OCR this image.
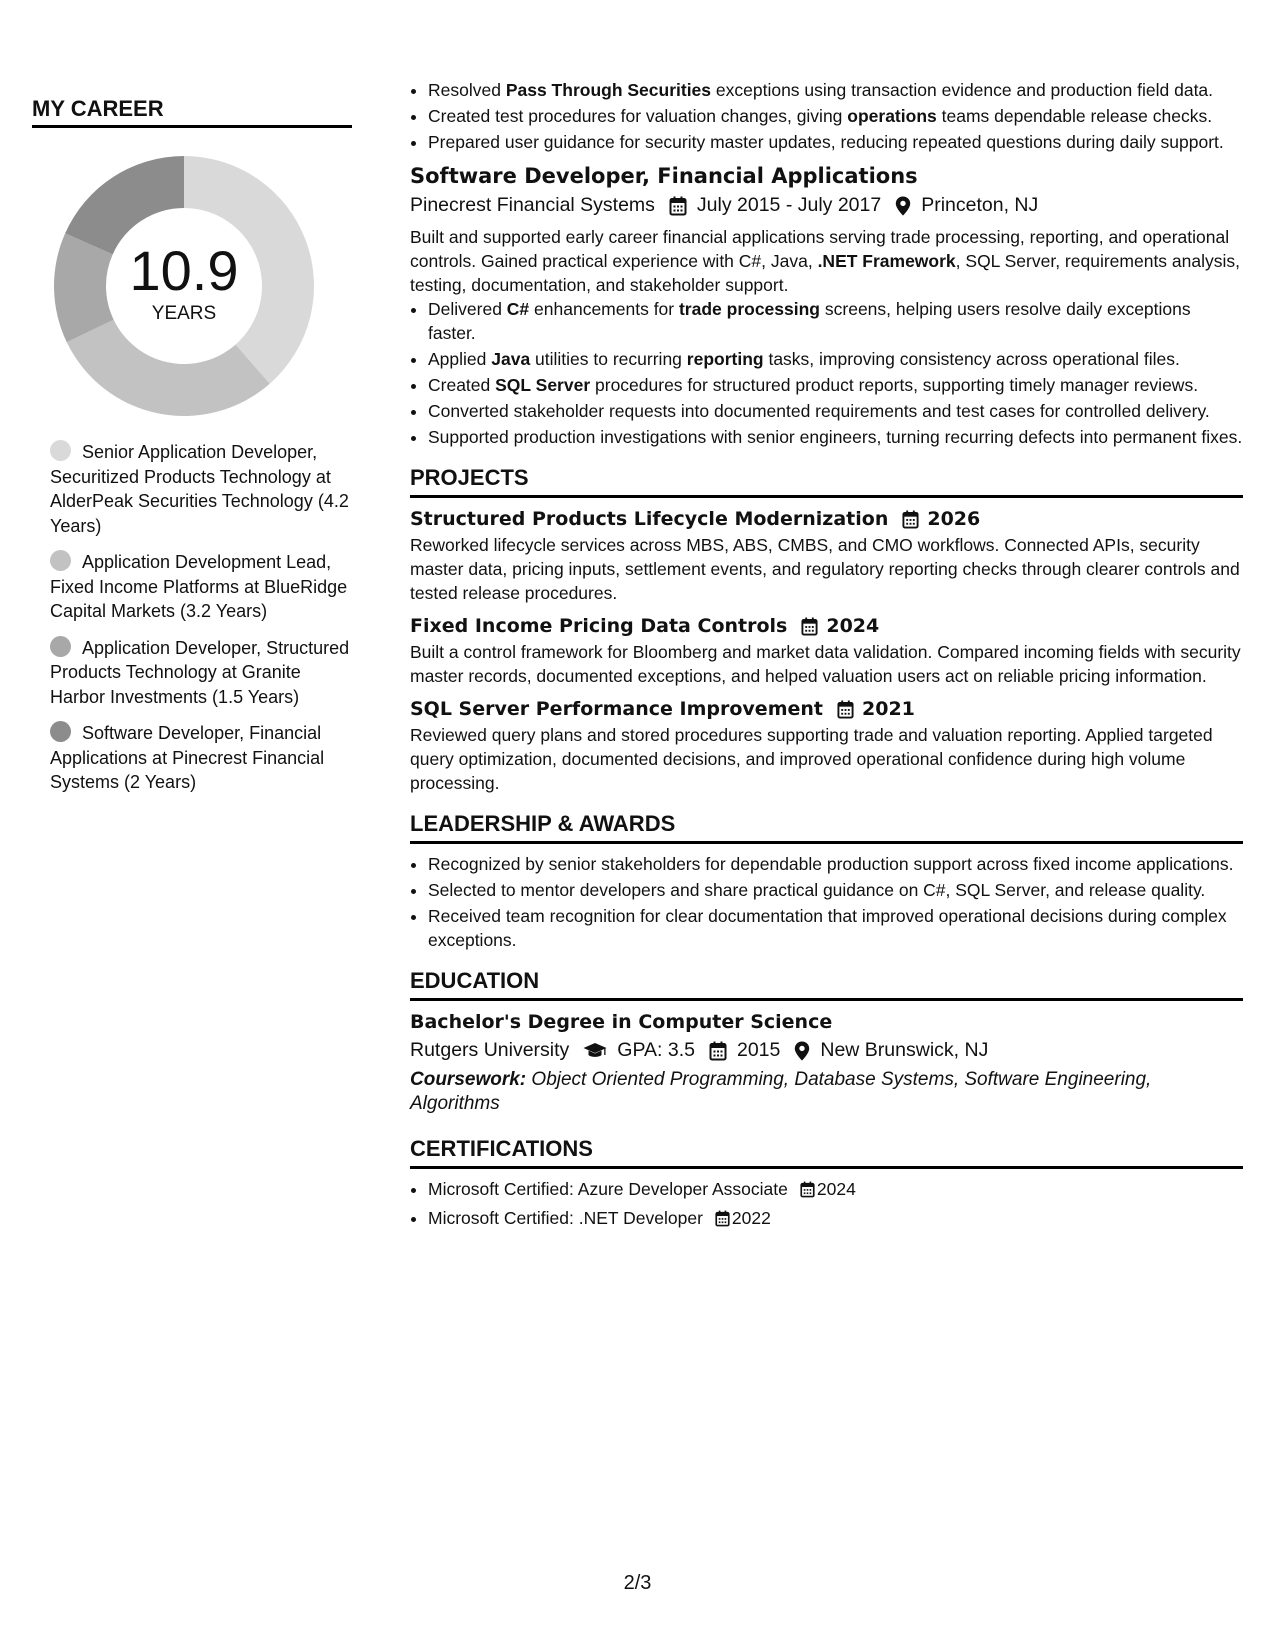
MY CAREER
10.9
YEARS
Senior Application Developer, Securitized Products Technology at AlderPeak Securities Technology (4.2 Years)
Application Development Lead, Fixed Income Platforms at BlueRidge Capital Markets (3.2 Years)
Application Developer, Structured Products Technology at Granite Harbor Investments (1.5 Years)
Software Developer, Financial Applications at Pinecrest Financial Systems (2 Years)
• Resolved Pass Through Securities exceptions using transaction evidence and production field data.
• Created test procedures for valuation changes, giving operations teams dependable release checks.
• Prepared user guidance for security master updates, reducing repeated questions during daily support.
Software Developer, Financial Applications
Pinecrest Financial Systems July 2015 - July 2017 Princeton, NJ
Built and supported early career financial applications serving trade processing, reporting, and operational controls. Gained practical experience with C#, Java, .NET Framework, SQL Server, requirements analysis, testing, documentation, and stakeholder support.
• Delivered C# enhancements for trade processing screens, helping users resolve daily exceptions faster.
• Applied Java utilities to recurring reporting tasks, improving consistency across operational files.
• Created SQL Server procedures for structured product reports, supporting timely manager reviews.
• Converted stakeholder requests into documented requirements and test cases for controlled delivery.
• Supported production investigations with senior engineers, turning recurring defects into permanent fixes.
PROJECTS
Structured Products Lifecycle Modernization 2026
Reworked lifecycle services across MBS, ABS, CMBS, and CMO workflows. Connected APIs, security master data, pricing inputs, settlement events, and regulatory reporting checks through clearer controls and tested release procedures.
Fixed Income Pricing Data Controls 2024
Built a control framework for Bloomberg and market data validation. Compared incoming fields with security master records, documented exceptions, and helped valuation users act on reliable pricing information.
SQL Server Performance Improvement 2021
Reviewed query plans and stored procedures supporting trade and valuation reporting. Applied targeted query optimization, documented decisions, and improved operational confidence during high volume processing.
LEADERSHIP & AWARDS
• Recognized by senior stakeholders for dependable production support across fixed income applications.
• Selected to mentor developers and share practical guidance on C#, SQL Server, and release quality.
• Received team recognition for clear documentation that improved operational decisions during complex exceptions.
EDUCATION
Bachelor's Degree in Computer Science
Rutgers University GPA: 3.5 2015 New Brunswick, NJ
Coursework: Object Oriented Programming, Database Systems, Software Engineering, Algorithms
CERTIFICATIONS
• Microsoft Certified: Azure Developer Associate 2024
• Microsoft Certified: .NET Developer 2022
2/3
